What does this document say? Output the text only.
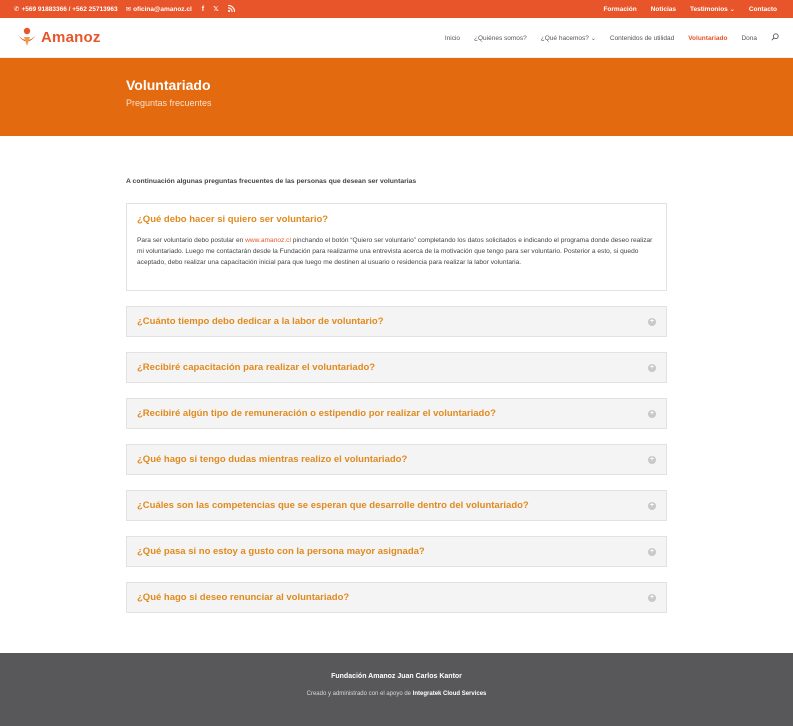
✆ +569 91883366 / +562 25713963 ✉ oficina@amanoz.cl f 𝕏	Formación Noticias Testimonios ⌄ Contacto
Amanoz	Inicio ¿Quiénes somos? ¿Qué hacemos? ⌄ Contenidos de utilidad Voluntariado Dona
Voluntariado
Preguntas frecuentes
A continuación algunas preguntas frecuentes de las personas que desean ser voluntarias
¿Qué debo hacer si quiero ser voluntario?
Para ser voluntario debo postular en www.amanoz.cl pinchando el botón “Quiero ser voluntario” completando los datos solicitados e indicando el programa donde deseo realizar mi voluntariado. Luego me contactarán desde la Fundación para realizarme una entrevista acerca de la motivación que tengo para ser voluntario. Posterior a esto, si quedo aceptado, debo realizar una capacitación inicial para que luego me destinen al usuario o residencia para realizar la labor voluntaria.
¿Cuánto tiempo debo dedicar a la labor de voluntario?	+
¿Recibiré capacitación para realizar el voluntariado?	+
¿Recibiré algún tipo de remuneración o estipendio por realizar el voluntariado?	+
¿Qué hago si tengo dudas mientras realizo el voluntariado?	+
¿Cuáles son las competencias que se esperan que desarrolle dentro del voluntariado?	+
¿Qué pasa si no estoy a gusto con la persona mayor asignada?	+
¿Qué hago si deseo renunciar al voluntariado?	+
Fundación Amanoz Juan Carlos Kantor
Creado y administrado con el apoyo de Integratek Cloud Services
